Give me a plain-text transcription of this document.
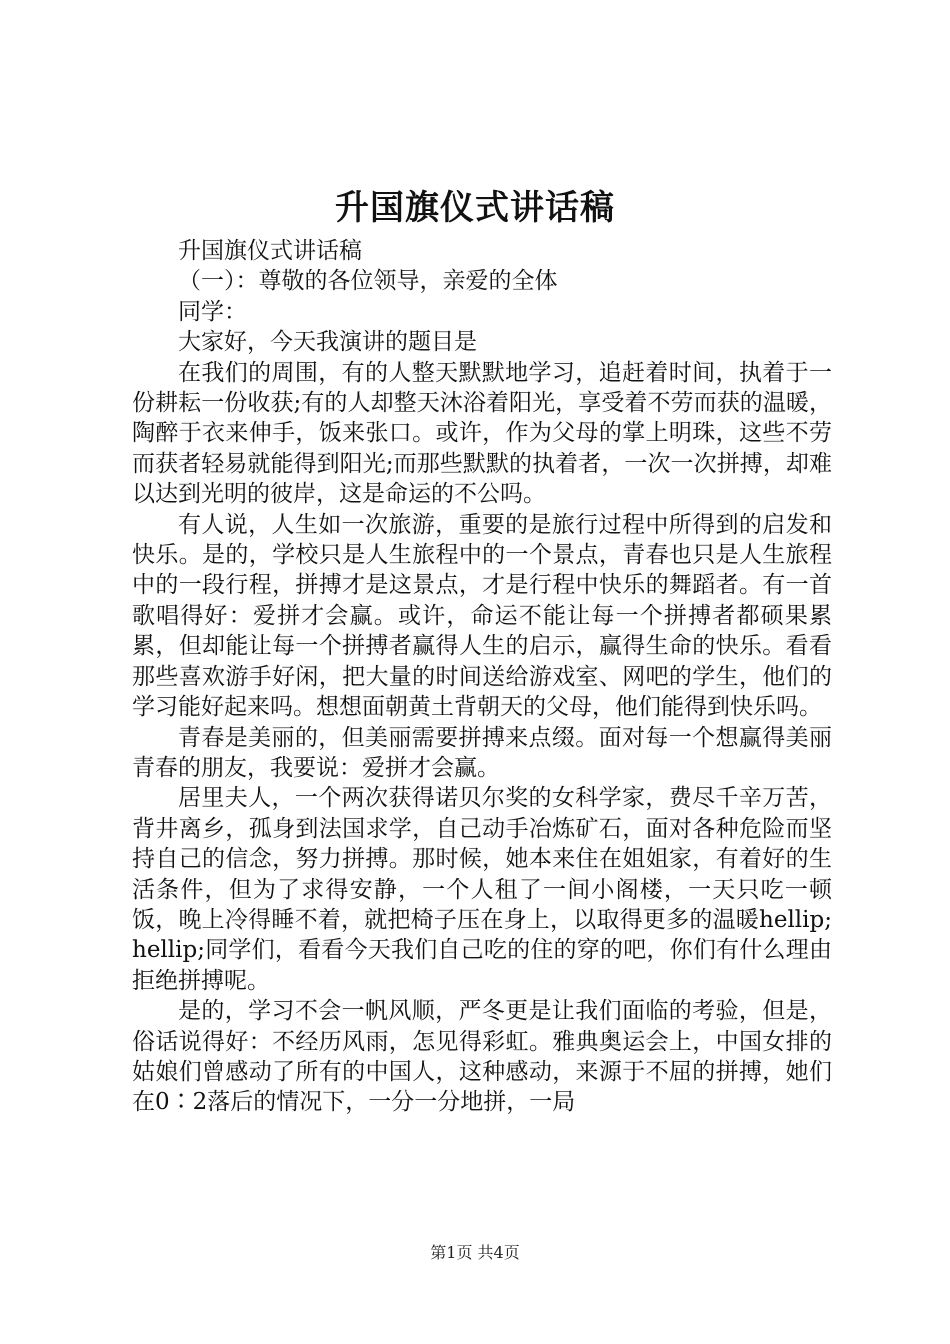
升国旗仪式讲话稿

升国旗仪式讲话稿

（一）：尊敬的各位领导，亲爱的全体

同学：

大家好，今天我演讲的题目是

在我们的周围，有的人整天默默地学习，追赶着时间，执着于一份耕耘一份收获;有的人却整天沐浴着阳光，享受着不劳而获的温暖，陶醉于衣来伸手，饭来张口。或许，作为父母的掌上明珠，这些不劳而获者轻易就能得到阳光;而那些默默的执着者，一次一次拼搏，却难以达到光明的彼岸，这是命运的不公吗。

有人说，人生如一次旅游，重要的是旅行过程中所得到的启发和快乐。是的，学校只是人生旅程中的一个景点，青春也只是人生旅程中的一段行程，拼搏才是这景点，才是行程中快乐的舞蹈者。有一首歌唱得好：爱拼才会赢。或许，命运不能让每一个拼搏者都硕果累累，但却能让每一个拼搏者赢得人生的启示，赢得生命的快乐。看看那些喜欢游手好闲，把大量的时间送给游戏室、网吧的学生，他们的学习能好起来吗。想想面朝黄土背朝天的父母，他们能得到快乐吗。

青春是美丽的，但美丽需要拼搏来点缀。面对每一个想赢得美丽青春的朋友，我要说：爱拼才会赢。

居里夫人，一个两次获得诺贝尔奖的女科学家，费尽千辛万苦，背井离乡，孤身到法国求学，自己动手冶炼矿石，面对各种危险而坚持自己的信念，努力拼搏。那时候，她本来住在姐姐家，有着好的生活条件，但为了求得安静，一个人租了一间小阁楼，一天只吃一顿饭，晚上冷得睡不着，就把椅子压在身上，以取得更多的温暖hellip;hellip;同学们，看看今天我们自己吃的住的穿的吧，你们有什么理由拒绝拼搏呢。

是的，学习不会一帆风顺，严冬更是让我们面临的考验，但是，俗话说得好：不经历风雨，怎见得彩虹。雅典奥运会上，中国女排的姑娘们曾感动了所有的中国人，这种感动，来源于不屈的拼搏，她们在0∶2落后的情况下，一分一分地拼，一局

第1页 共4页
